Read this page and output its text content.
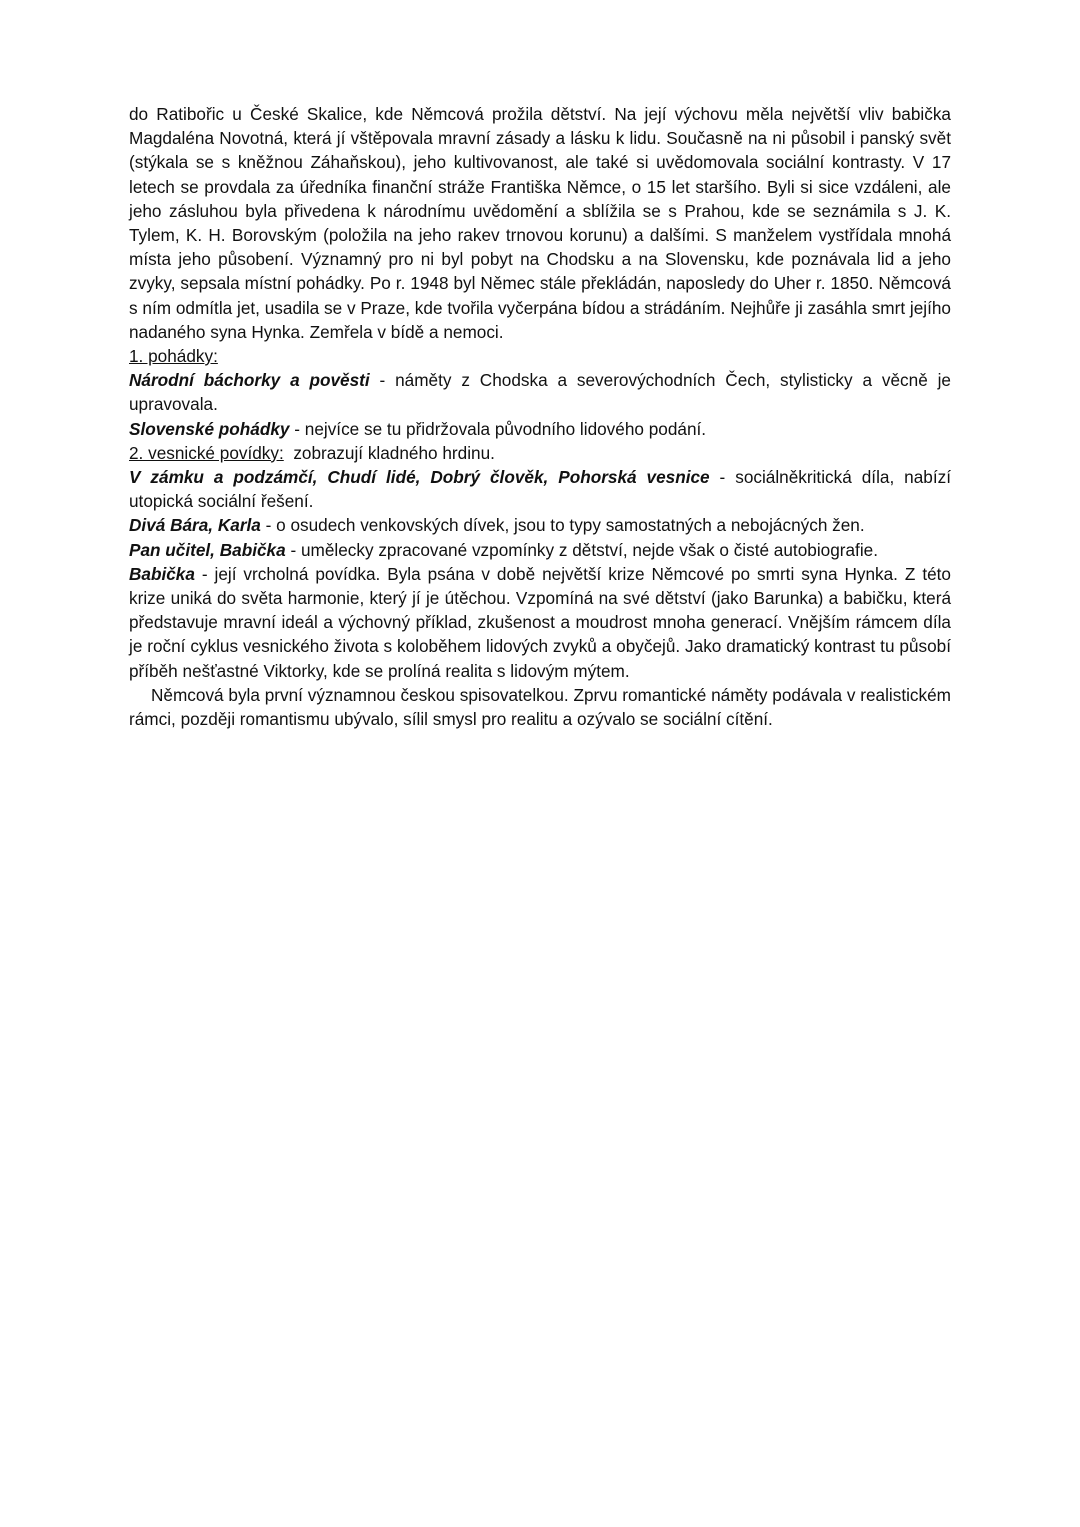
do Ratibořic u České Skalice, kde Němcová prožila dětství. Na její výchovu měla největší vliv babička Magdaléna Novotná, která jí vštěpovala mravní zásady a lásku k lidu. Současně na ni působil i panský svět (stýkala se s kněžnou Záhaňskou), jeho kultivovanost, ale také si uvědomovala sociální kontrasty. V 17 letech se provdala za úředníka finanční stráže Františka Němce, o 15 let staršího. Byli si sice vzdáleni, ale jeho zásluhou byla přivedena k národnímu uvědomění a sblížila se s Prahou, kde se seznámila s J. K. Tylem, K. H. Borovským (položila na jeho rakev trnovou korunu) a dalšími. S manželem vystřídala mnohá místa jeho působení. Významný pro ni byl pobyt na Chodsku a na Slovensku, kde poznávala lid a jeho zvyky, sepsala místní pohádky. Po r. 1948 byl Němec stále překládán, naposledy do Uher r. 1850. Němcová s ním odmítla jet, usadila se v Praze, kde tvořila vyčerpána bídou a strádáním. Nejhůře ji zasáhla smrt jejího nadaného syna Hynka. Zemřela v bídě a nemoci.

1. pohádky:

Národní báchorky a pověsti - náměty z Chodska a severovýchodních Čech, stylisticky a věcně je upravovala.

Slovenské pohádky - nejvíce se tu přidržovala původního lidového podání.

2. vesnické povídky:  zobrazují kladného hrdinu.

V zámku a podzámčí, Chudí lidé, Dobrý člověk, Pohorská vesnice - sociálněkritická díla, nabízí utopická sociální řešení.

Divá Bára, Karla - o osudech venkovských dívek, jsou to typy samostatných a nebojácných žen.

Pan učitel, Babička - umělecky zpracované vzpomínky z dětství, nejde však o čisté autobiografie.

Babička - její vrcholná povídka. Byla psána v době největší krize Němcové po smrti syna Hynka. Z této krize uniká do světa harmonie, který jí je útěchou. Vzpomíná na své dětství (jako Barunka) a babičku, která představuje mravní ideál a výchovný příklad, zkušenost a moudrost mnoha generací. Vnějším rámcem díla je roční cyklus vesnického života s koloběhem lidových zvyků a obyčejů. Jako dramatický kontrast tu působí příběh nešťastné Viktorky, kde se prolíná realita s lidovým mýtem.

Němcová byla první významnou českou spisovatelkou. Zprvu romantické náměty podávala v realistickém rámci, později romantismu ubývalo, sílil smysl pro realitu a ozývalo se sociální cítění.
